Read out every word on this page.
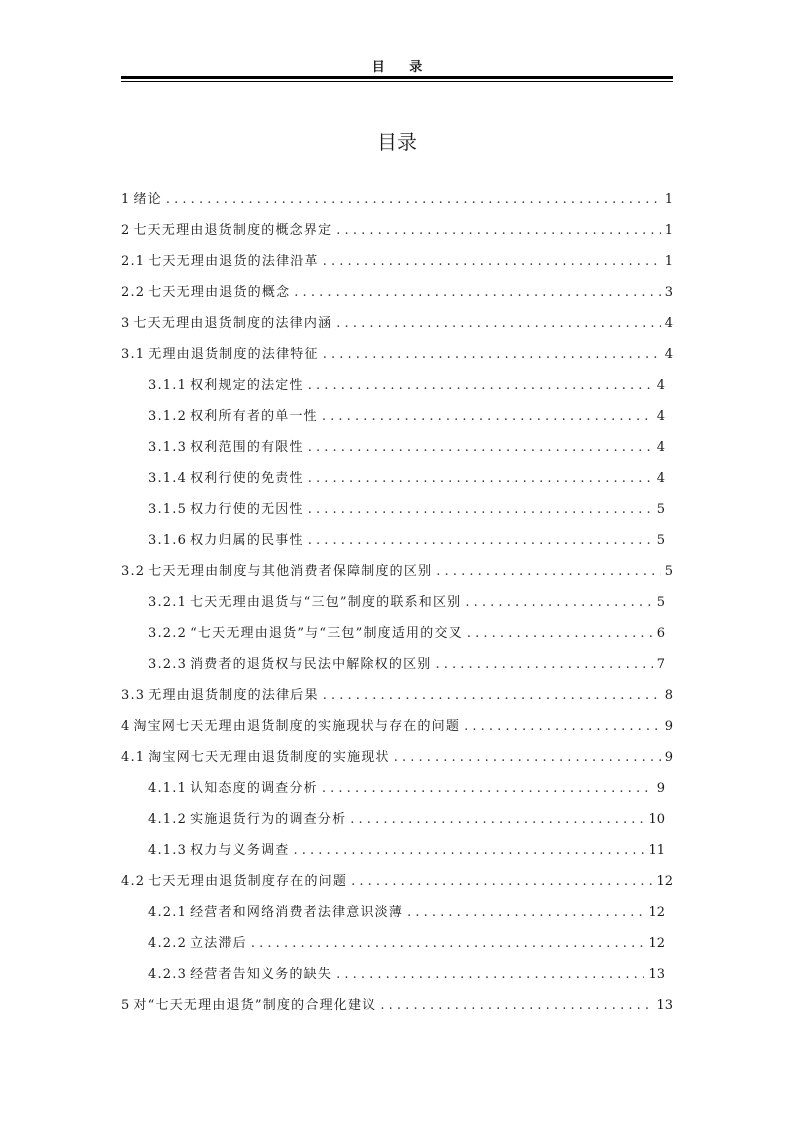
目 录
目录
1 绪论 . . .	1
2 七天无理由退货制度的概念界定 . . .	1
2.1 七天无理由退货的法律沿革 . . .	1
2.2 七天无理由退货的概念 . . .	3
3 七天无理由退货制度的法律内涵 . . .	4
3.1 无理由退货制度的法律特征 . . .	4
3.1.1 权利规定的法定性 . . .	4
3.1.2 权利所有者的单一性 . . .	4
3.1.3 权利范围的有限性 . . .	4
3.1.4 权利行使的免责性 . . .	4
3.1.5 权力行使的无因性 . . .	5
3.1.6 权力归属的民事性 . . .	5
3.2 七天无理由制度与其他消费者保障制度的区别 . . .	5
3.2.1 七天无理由退货与“三包”制度的联系和区别 . . .	5
3.2.2 “七天无理由退货”与“三包”制度适用的交叉 . . .	6
3.2.3 消费者的退货权与民法中解除权的区别 . . .	7
3.3 无理由退货制度的法律后果 . . .	8
4 淘宝网七天无理由退货制度的实施现状与存在的问题 . . .	9
4.1 淘宝网七天无理由退货制度的实施现状 . . .	9
4.1.1 认知态度的调查分析 . . .	9
4.1.2 实施退货行为的调查分析 . . .	10
4.1.3 权力与义务调查 . . .	11
4.2 七天无理由退货制度存在的问题 . . .	12
4.2.1 经营者和网络消费者法律意识淡薄 . . .	12
4.2.2 立法滞后 . . .	12
4.2.3 经营者告知义务的缺失 . . .	13
5 对“七天无理由退货”制度的合理化建议 . . .	13
